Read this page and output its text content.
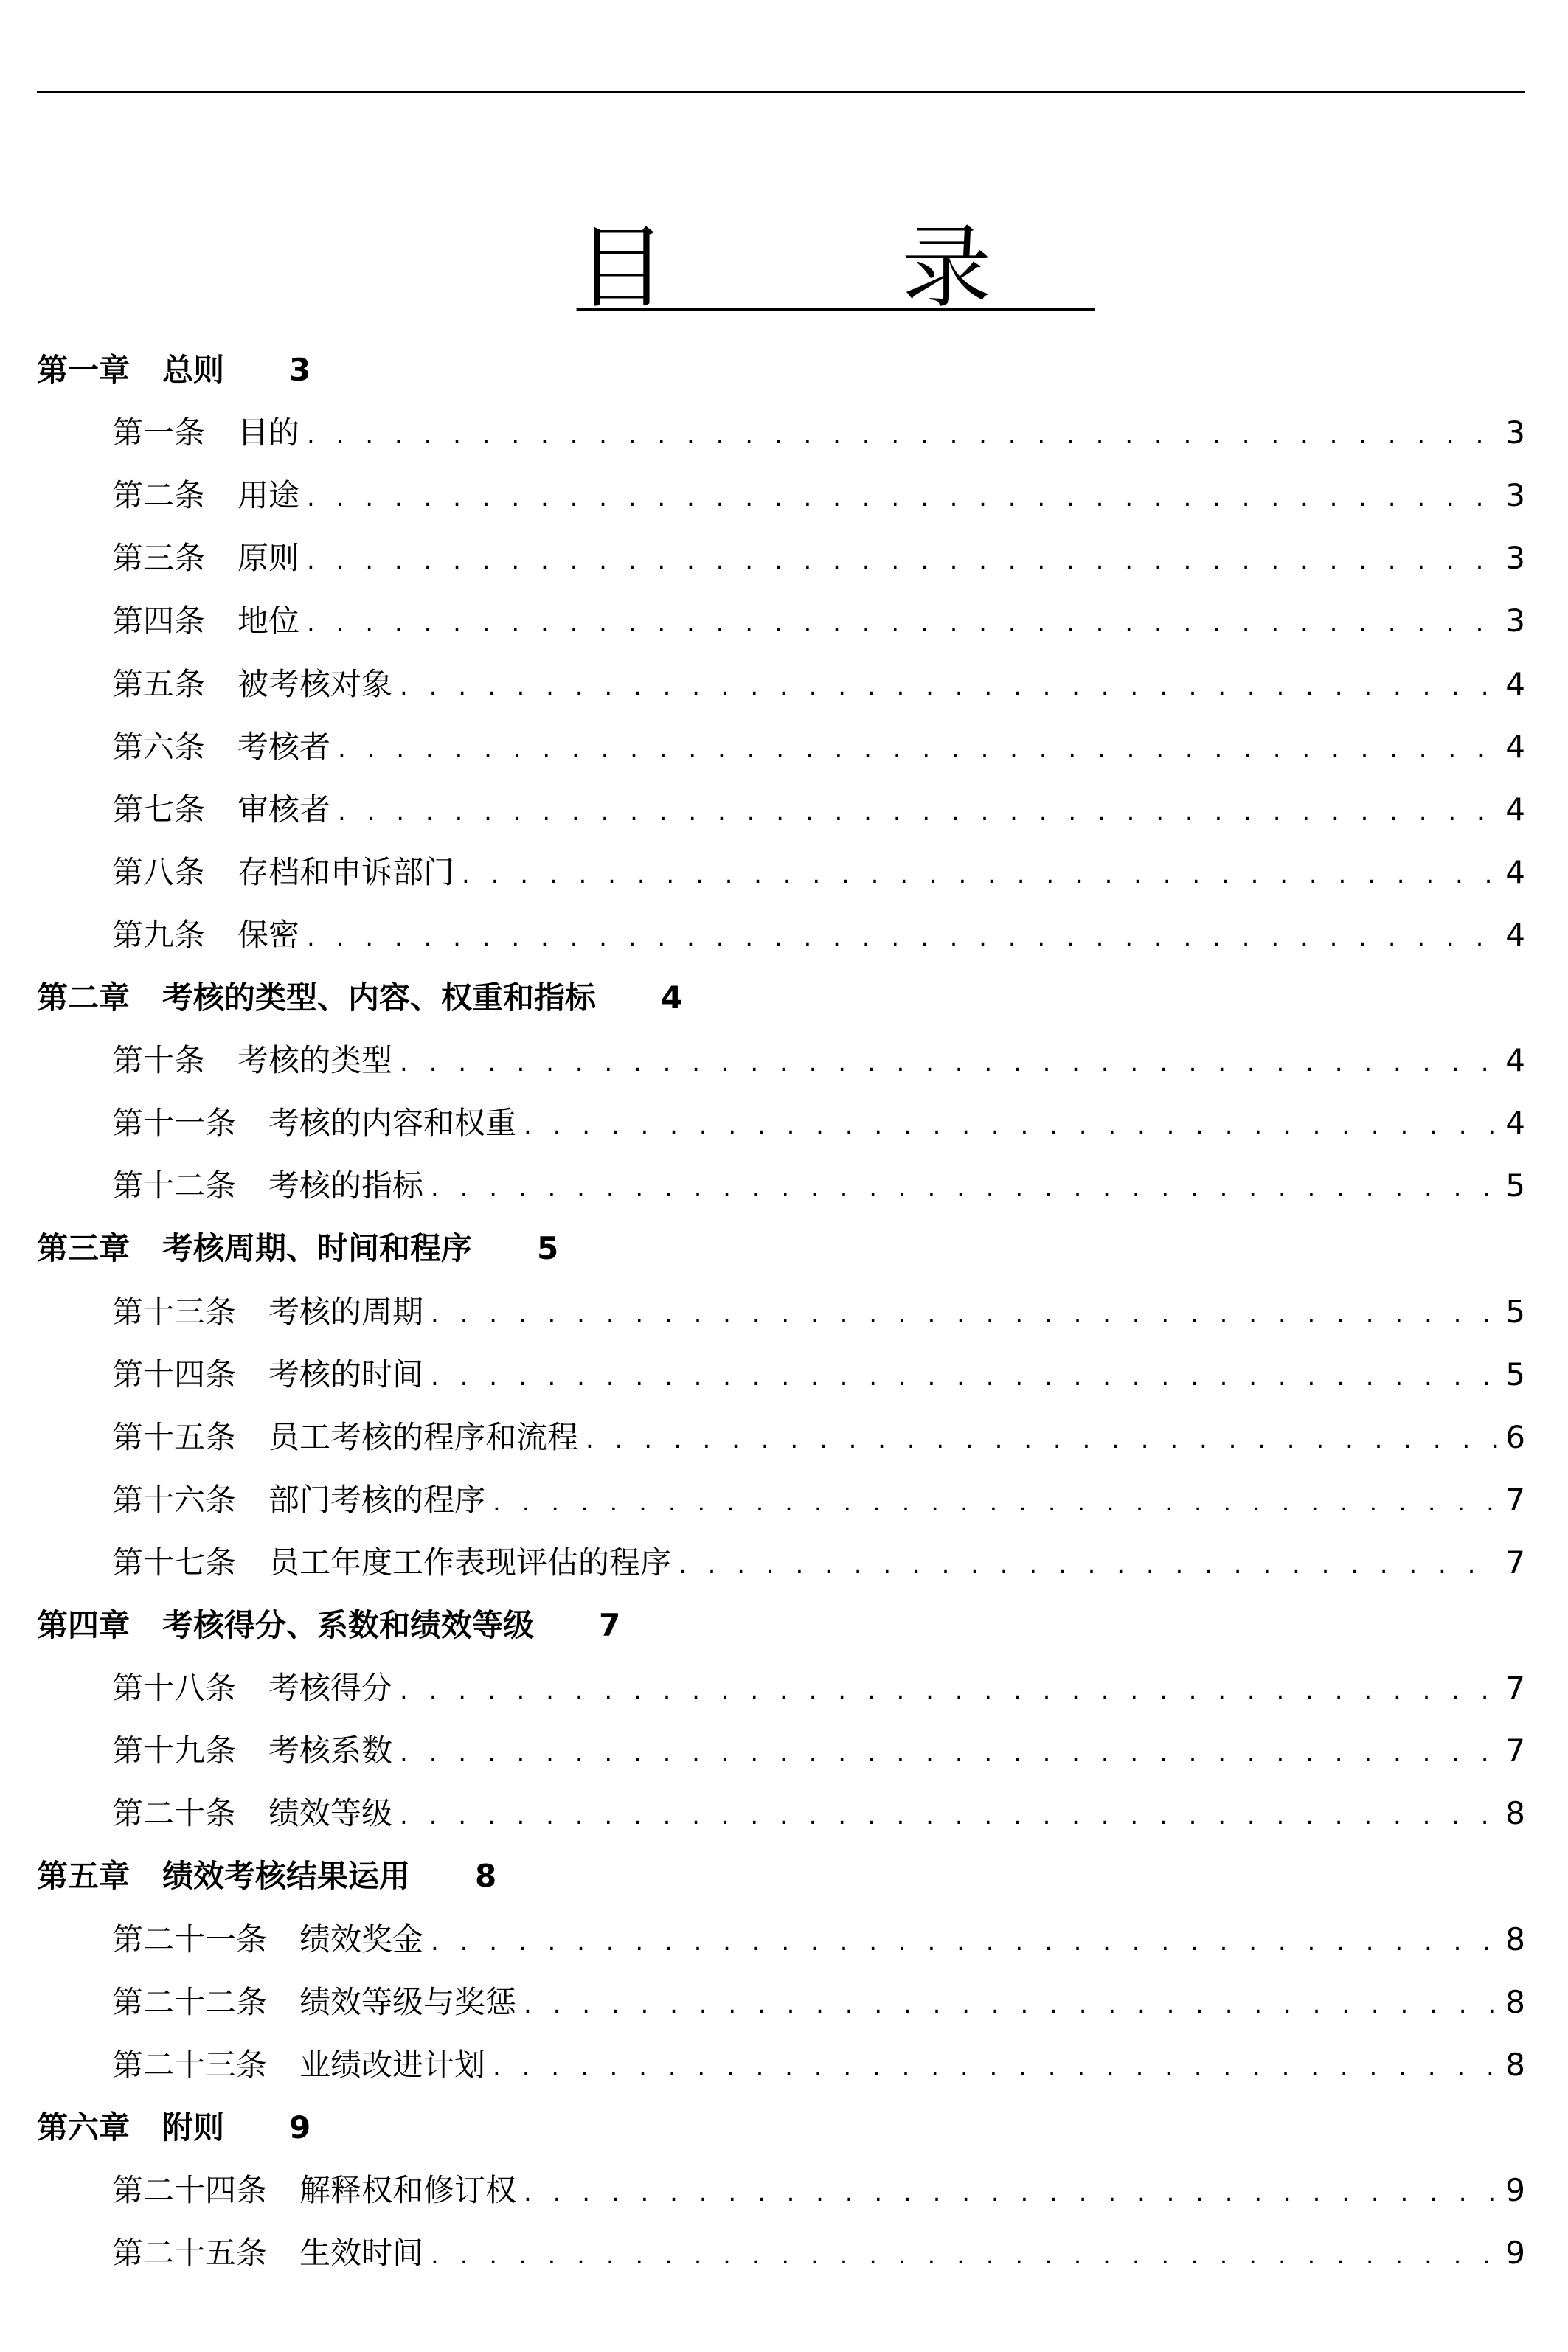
目 录
第一章 总则 3
第一条 目的 . . .	3
第二条 用途 . . .	3
第三条 原则 . . .	3
第四条 地位 . . .	3
第五条 被考核对象 . . .	4
第六条 考核者 . . .	4
第七条 审核者 . . .	4
第八条 存档和申诉部门 . . .	4
第九条 保密 . . .	4
第二章 考核的类型、内容、权重和指标 4
第十条 考核的类型 . . .	4
第十一条 考核的内容和权重 . . .	4
第十二条 考核的指标 . . .	5
第三章 考核周期、时间和程序 5
第十三条 考核的周期 . . .	5
第十四条 考核的时间 . . .	5
第十五条 员工考核的程序和流程 . . .	6
第十六条 部门考核的程序 . . .	7
第十七条 员工年度工作表现评估的程序 . . .	7
第四章 考核得分、系数和绩效等级 7
第十八条 考核得分 . . .	7
第十九条 考核系数 . . .	7
第二十条 绩效等级 . . .	8
第五章 绩效考核结果运用 8
第二十一条 绩效奖金 . . .	8
第二十二条 绩效等级与奖惩 . . .	8
第二十三条 业绩改进计划 . . .	8
第六章 附则 9
第二十四条 解释权和修订权 . . .	9
第二十五条 生效时间 . . .	9
